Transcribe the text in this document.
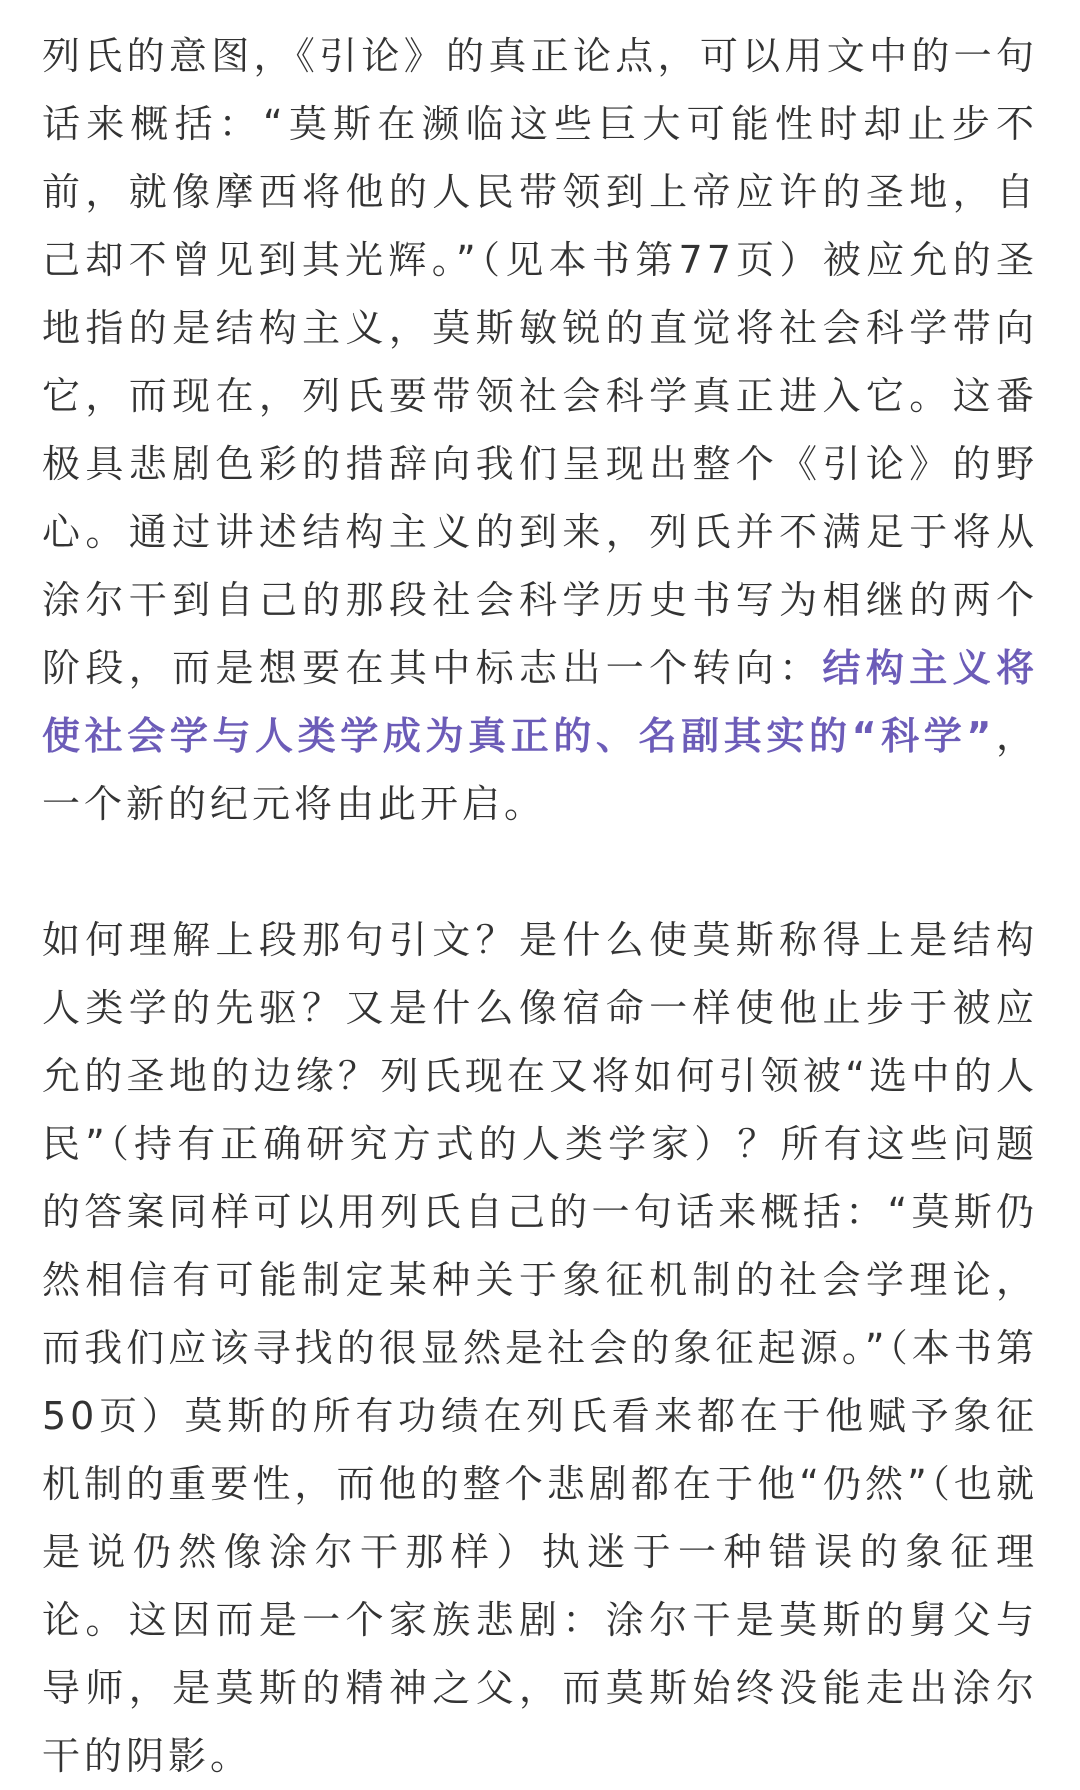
列氏的意图，《引论》的真正论点，可以用文中的一句话来概括：“莫斯在濒临这些巨大可能性时却止步不前，就像摩西将他的人民带领到上帝应许的圣地，自己却不曾见到其光辉。”（见本书第77页）被应允的圣地指的是结构主义，莫斯敏锐的直觉将社会科学带向它，而现在，列氏要带领社会科学真正进入它。这番极具悲剧色彩的措辞向我们呈现出整个《引论》的野心。通过讲述结构主义的到来，列氏并不满足于将从涂尔干到自己的那段社会科学历史书写为相继的两个阶段，而是想要在其中标志出一个转向：结构主义将使社会学与人类学成为真正的、名副其实的“科学”，一个新的纪元将由此开启。

如何理解上段那句引文？是什么使莫斯称得上是结构人类学的先驱？又是什么像宿命一样使他止步于被应允的圣地的边缘？列氏现在又将如何引领被“选中的人民”（持有正确研究方式的人类学家）？所有这些问题的答案同样可以用列氏自己的一句话来概括：“莫斯仍然相信有可能制定某种关于象征机制的社会学理论，而我们应该寻找的很显然是社会的象征起源。”（本书第50页）莫斯的所有功绩在列氏看来都在于他赋予象征机制的重要性，而他的整个悲剧都在于他“仍然”（也就是说仍然像涂尔干那样）执迷于一种错误的象征理论。这因而是一个家族悲剧：涂尔干是莫斯的舅父与导师，是莫斯的精神之父，而莫斯始终没能走出涂尔干的阴影。
